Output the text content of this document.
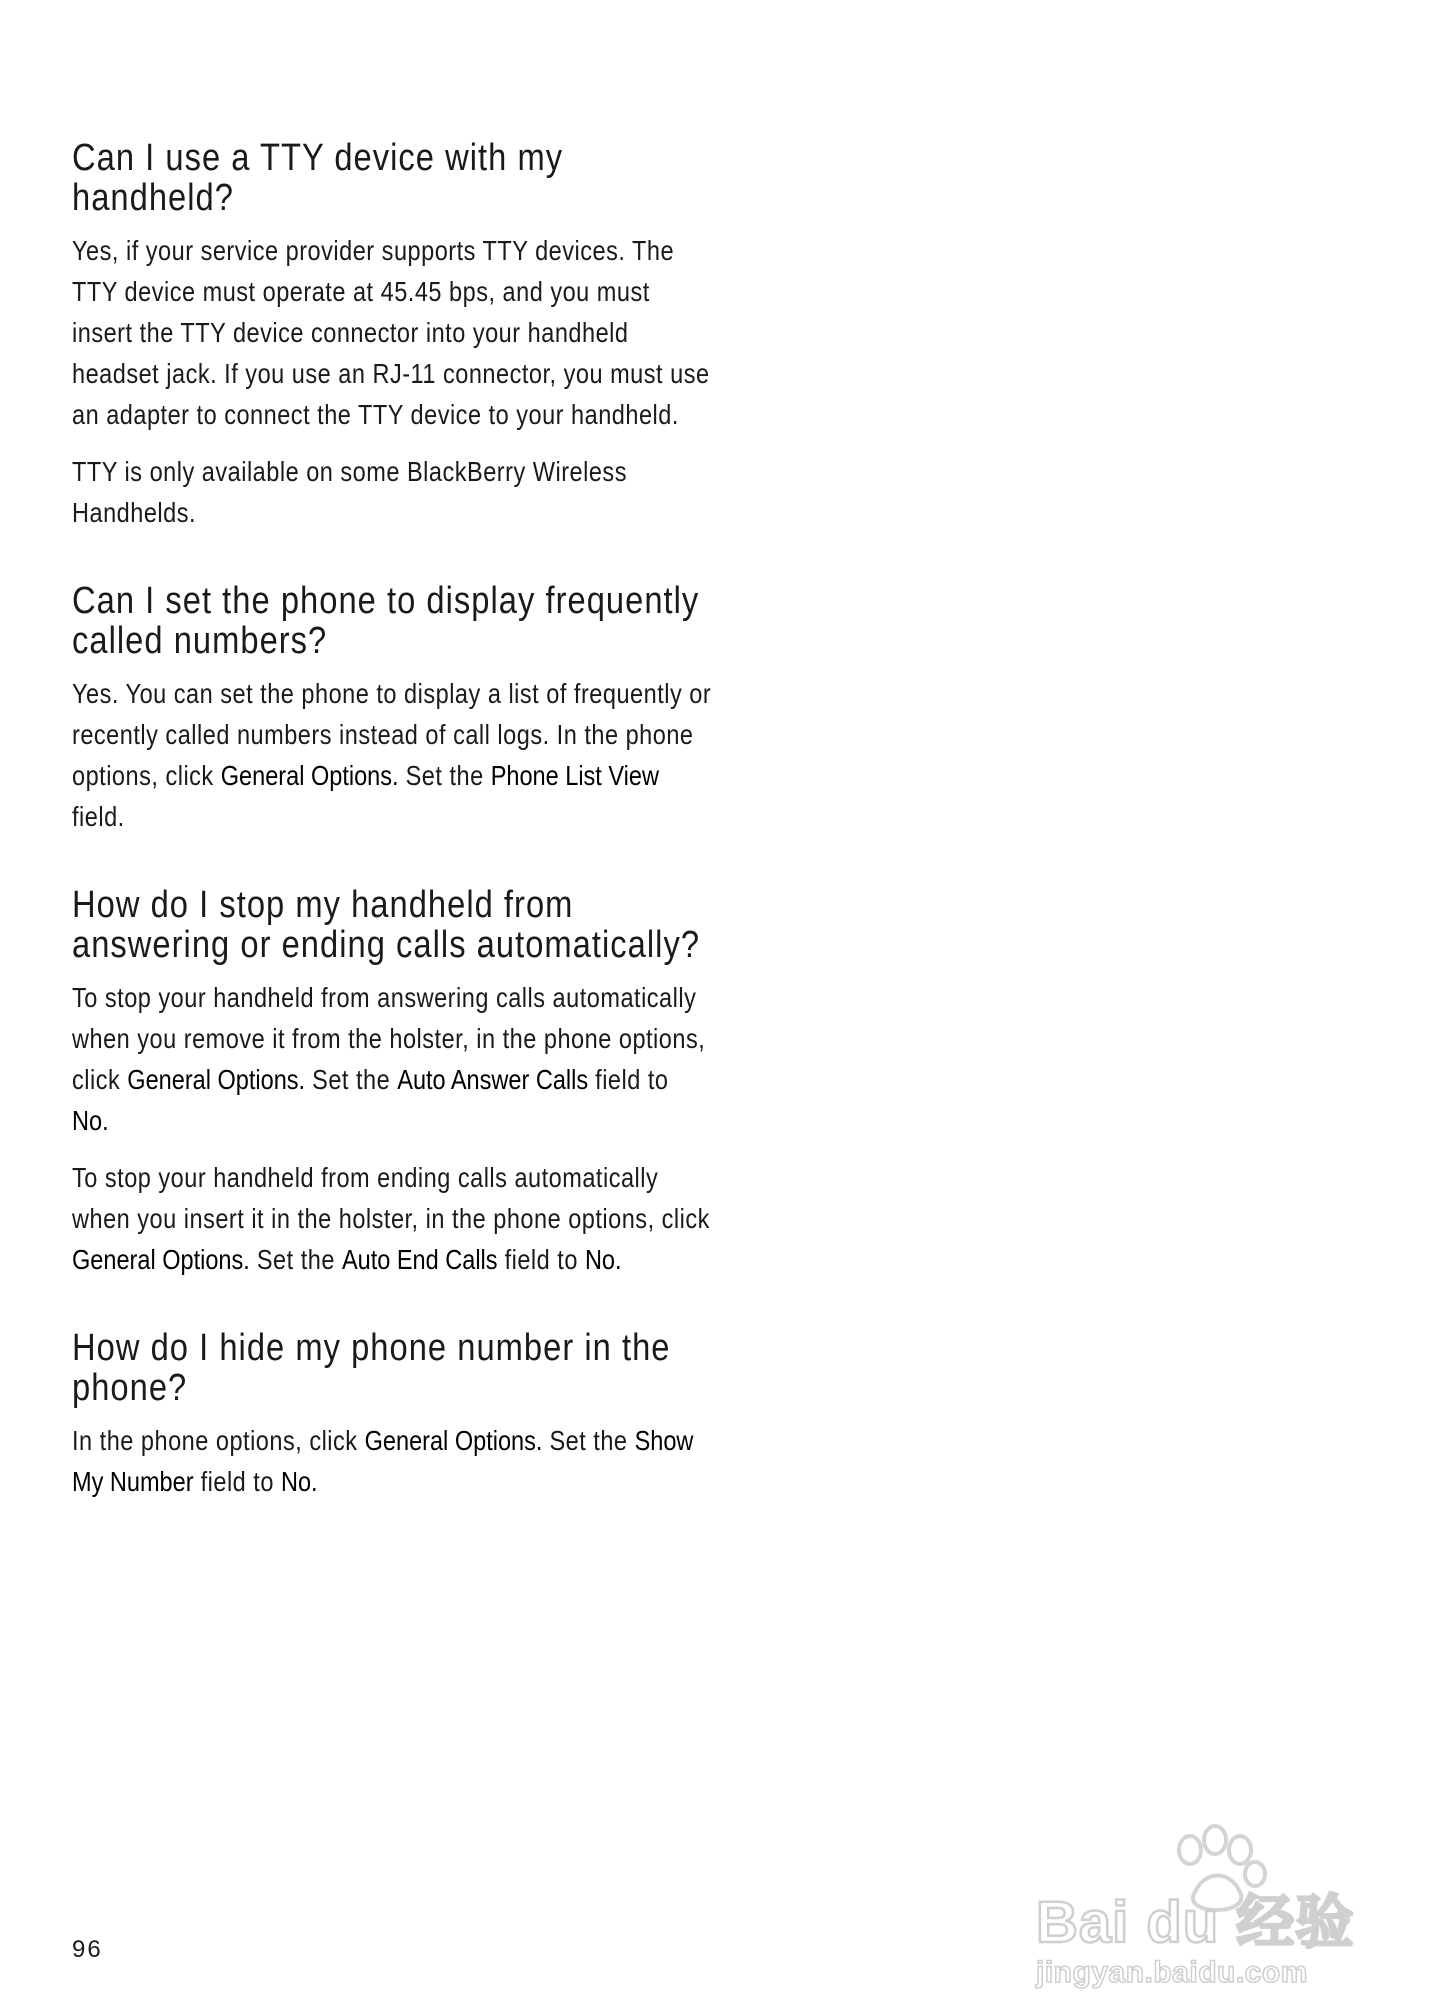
Can I use a TTY device with my handheld?

Yes, if your service provider supports TTY devices. The TTY device must operate at 45.45 bps, and you must insert the TTY device connector into your handheld headset jack. If you use an RJ-11 connector, you must use an adapter to connect the TTY device to your handheld.

TTY is only available on some BlackBerry Wireless Handhelds.

Can I set the phone to display frequently called numbers?

Yes. You can set the phone to display a list of frequently or recently called numbers instead of call logs. In the phone options, click General Options. Set the Phone List View field.

How do I stop my handheld from answering or ending calls automatically?

To stop your handheld from answering calls automatically when you remove it from the holster, in the phone options, click General Options. Set the Auto Answer Calls field to No.

To stop your handheld from ending calls automatically when you insert it in the holster, in the phone options, click General Options. Set the Auto End Calls field to No.

How do I hide my phone number in the phone?

In the phone options, click General Options. Set the Show My Number field to No.

96	Bai du 经验
jingyan.baidu.com
